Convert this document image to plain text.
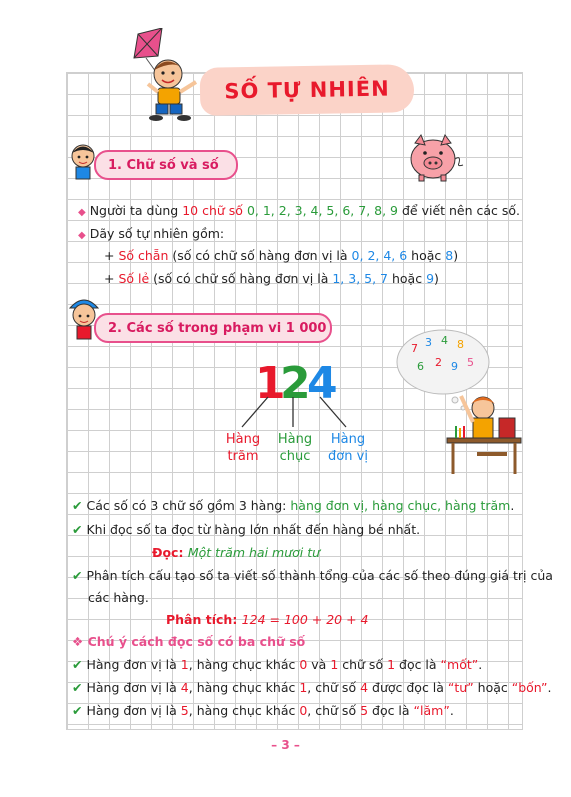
SỐ TỰ NHIÊN
1. Chữ số và số
◆ Người ta dùng 10 chữ số 0, 1, 2, 3, 4, 5, 6, 7, 8, 9 để viết nên các số.
◆ Dãy số tự nhiên gồm:
+ Số chẵn (số có chữ số hàng đơn vị là 0, 2, 4, 6 hoặc 8)
+ Số lẻ (số có chữ số hàng đơn vị là 1, 3, 5, 7 hoặc 9)
2. Các số trong phạm vi 1 000
1
2
4
Hàng
trăm
Hàng
chục
Hàng
đơn vị
7 3 4 8
6 2 9 5
✔ Các số có 3 chữ số gồm 3 hàng: hàng đơn vị, hàng chục, hàng trăm.
✔ Khi đọc số ta đọc từ hàng lớn nhất đến hàng bé nhất.
Đọc: Một trăm hai mươi tư
✔ Phân tích cấu tạo số ta viết số thành tổng của các số theo đúng giá trị của
các hàng.
Phân tích: 124 = 100 + 20 + 4
❖ Chú ý cách đọc số có ba chữ số
✔ Hàng đơn vị là 1, hàng chục khác 0 và 1 chữ số 1 đọc là “mốt”.
✔ Hàng đơn vị là 4, hàng chục khác 1, chữ số 4 được đọc là “tư” hoặc “bốn”.
✔ Hàng đơn vị là 5, hàng chục khác 0, chữ số 5 đọc là “lăm”.
– 3 –
